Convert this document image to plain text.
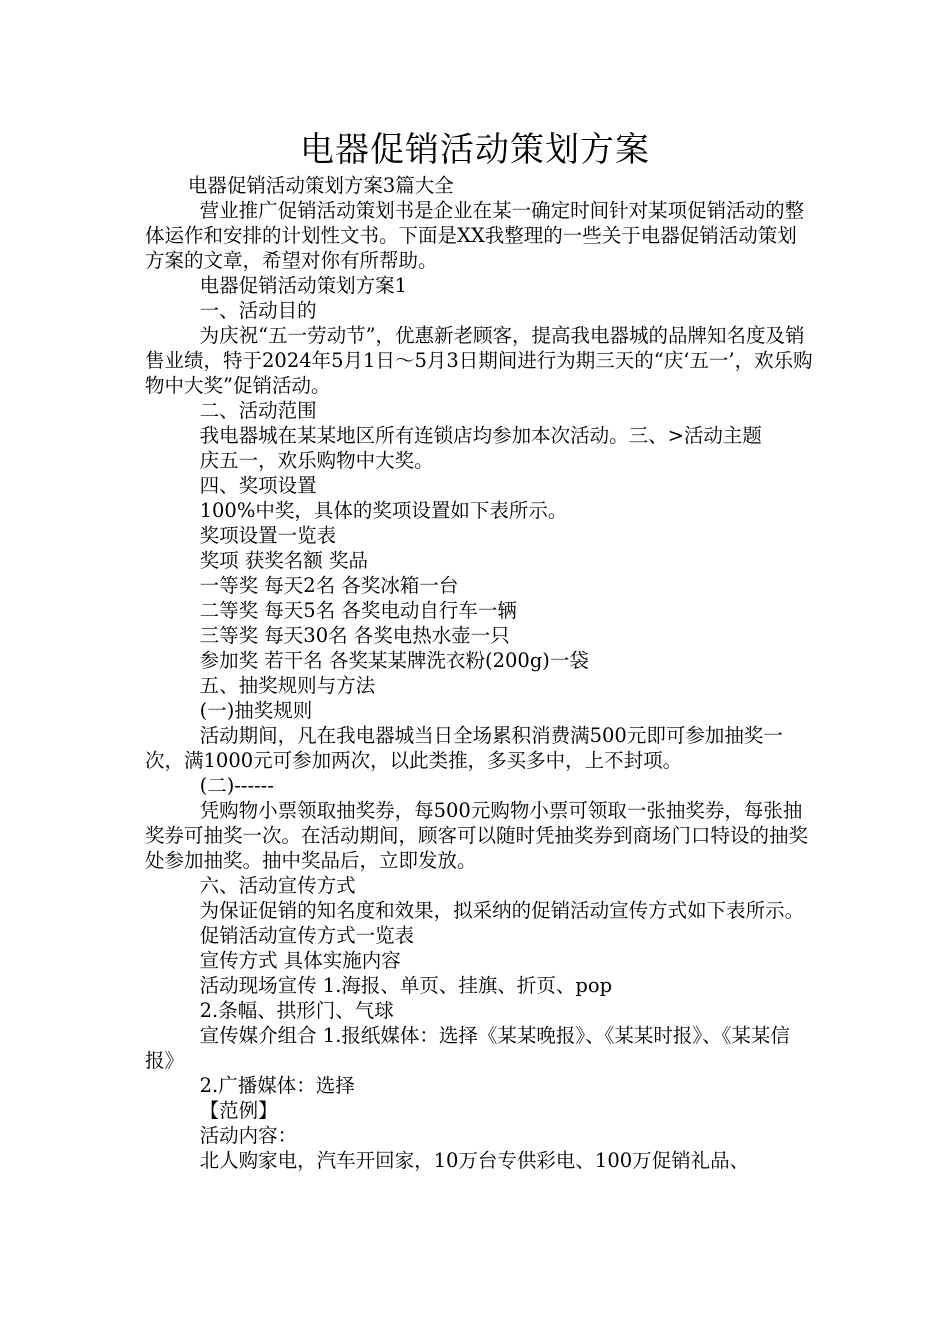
电器促销活动策划方案

电器促销活动策划方案3篇大全

营业推广促销活动策划书是企业在某一确定时间针对某项促销活动的整体运作和安排的计划性文书。下面是XX我整理的一些关于电器促销活动策划方案的文章，希望对你有所帮助。

电器促销活动策划方案1

一、活动目的

为庆祝“五一劳动节”，优惠新老顾客，提高我电器城的品牌知名度及销售业绩，特于2024年5月1日～5月3日期间进行为期三天的“庆‘五一’，欢乐购物中大奖”促销活动。

二、活动范围

我电器城在某某地区所有连锁店均参加本次活动。三、>活动主题

庆五一，欢乐购物中大奖。

四、奖项设置

100%中奖，具体的奖项设置如下表所示。

奖项设置一览表

奖项 获奖名额 奖品

一等奖 每天2名 各奖冰箱一台

二等奖 每天5名 各奖电动自行车一辆

三等奖 每天30名 各奖电热水壶一只

参加奖 若干名 各奖某某牌洗衣粉(200g)一袋

五、抽奖规则与方法

(一)抽奖规则

活动期间，凡在我电器城当日全场累积消费满500元即可参加抽奖一次，满1000元可参加两次，以此类推，多买多中，上不封项。

(二)------

凭购物小票领取抽奖券，每500元购物小票可领取一张抽奖券，每张抽奖券可抽奖一次。在活动期间，顾客可以随时凭抽奖券到商场门口特设的抽奖处参加抽奖。抽中奖品后，立即发放。

六、活动宣传方式

为保证促销的知名度和效果，拟采纳的促销活动宣传方式如下表所示。

促销活动宣传方式一览表

宣传方式 具体实施内容

活动现场宣传 1.海报、单页、挂旗、折页、pop

2.条幅、拱形门、气球

宣传媒介组合 1.报纸媒体：选择《某某晚报》、《某某时报》、《某某信报》

2.广播媒体：选择

【范例】

活动内容：

北人购家电，汽车开回家，10万台专供彩电、100万促销礼品、
